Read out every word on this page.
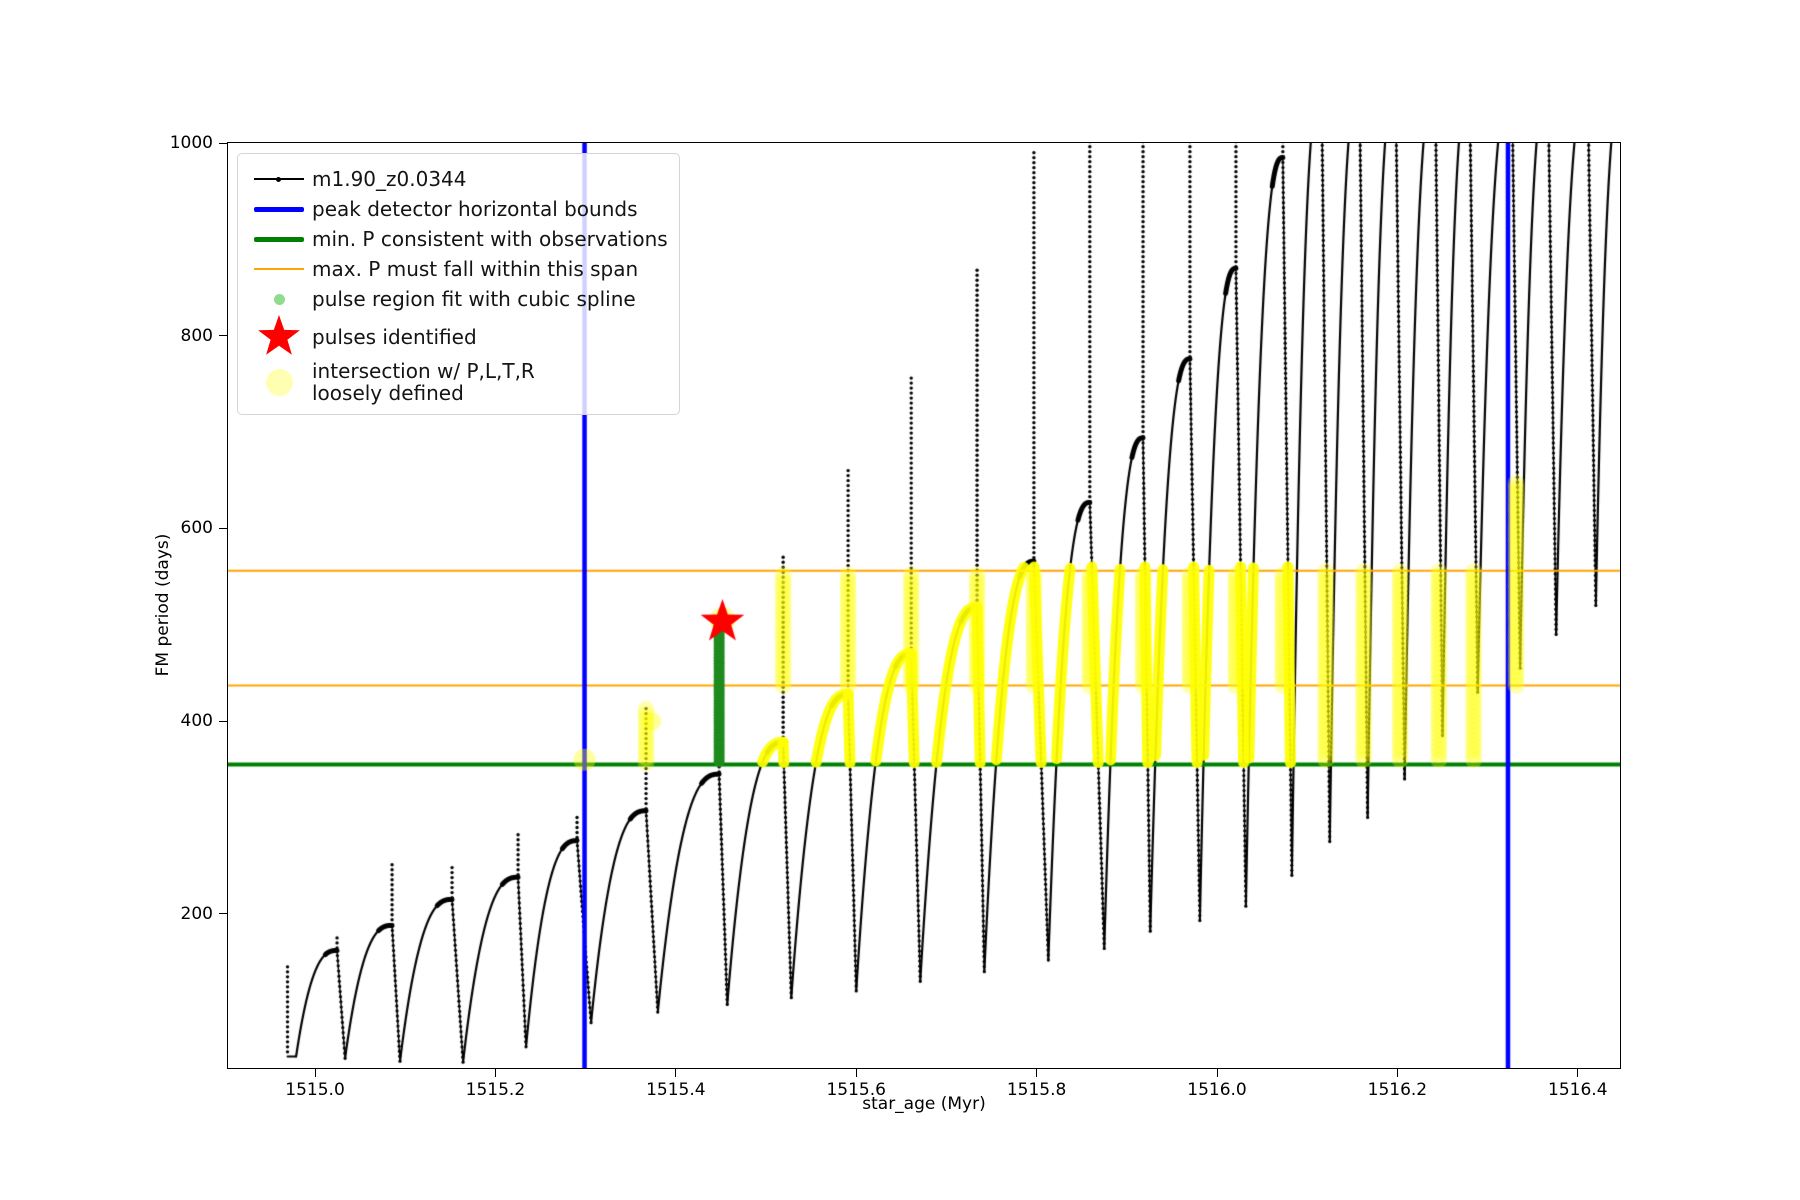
FM period (days)
star_age (Myr)
1515.0	1515.2	1515.4	1515.6	1515.8	1516.0	1516.2	1516.4
200
400
600
800
1000
m1.90_z0.0344
peak detector horizontal bounds
min. P consistent with observations
max. P must fall within this span
pulse region fit with cubic spline
pulses identified
intersection w/ P,L,T,R
loosely defined
